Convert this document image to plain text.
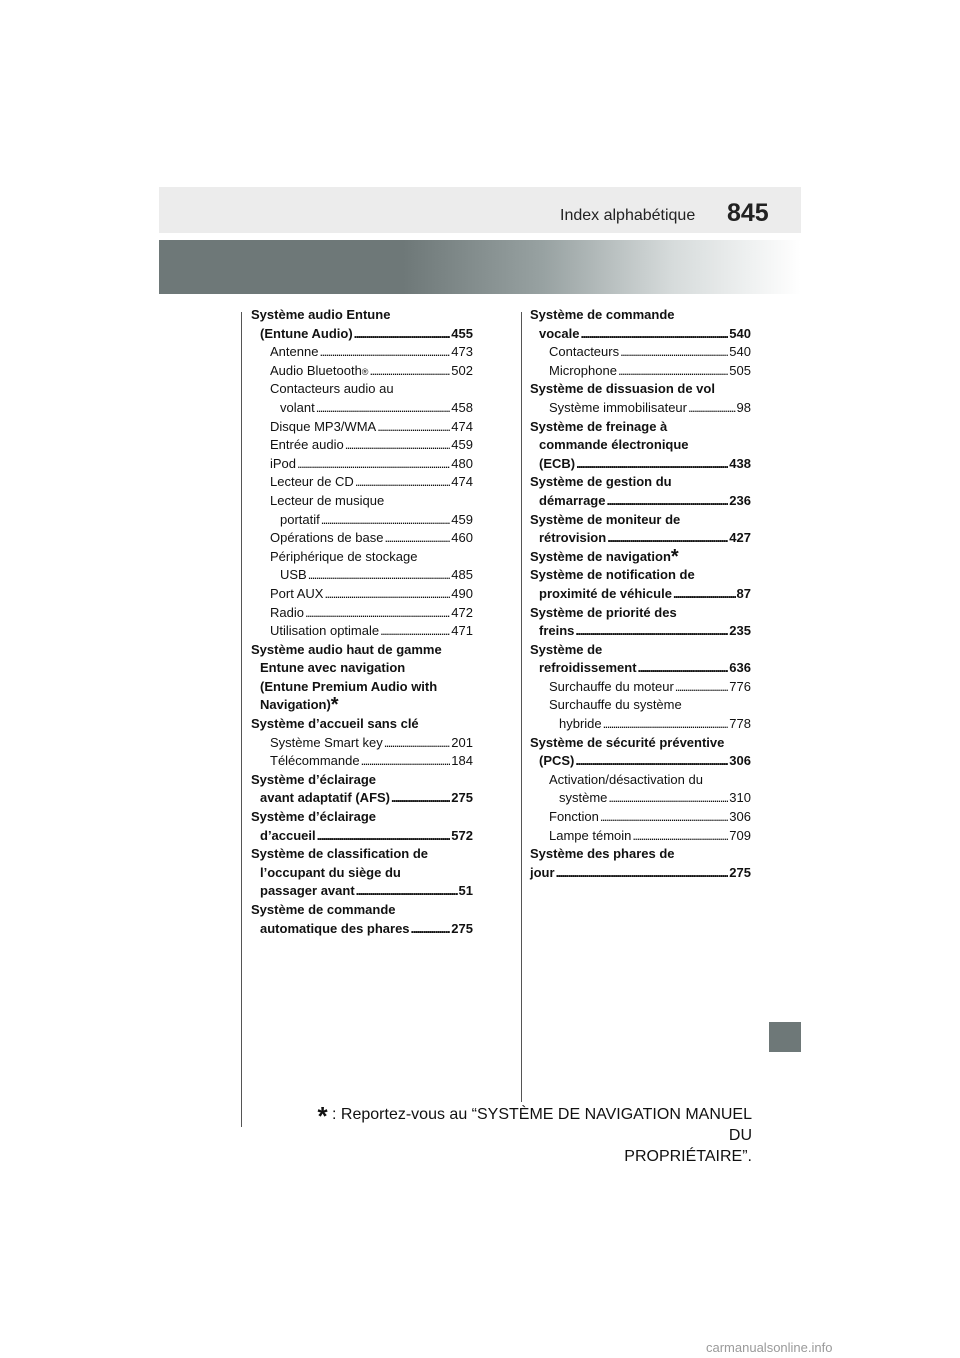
Index alphabétique 845
Système audio Entune
(Entune Audio) . . .	455
Antenne . . .	473
Audio Bluetooth ® . . .	502
Contacteurs audio au
volant . . .	458
Disque MP3/WMA . . .	474
Entrée audio . . .	459
iPod . . .	480
Lecteur de CD . . .	474
Lecteur de musique
portatif . . .	459
Opérations de base . . .	460
Périphérique de stockage
USB . . .	485
Port AUX . . .	490
Radio . . .	472
Utilisation optimale . . .	471
Système audio haut de gamme
Entune avec navigation
(Entune Premium Audio with
Navigation) *
Système d’accueil sans clé
Système Smart key . . .	201
Télécommande . . .	184
Système d’éclairage
avant adaptatif (AFS) . . .	275
Système d’éclairage
d’accueil . . .	572
Système de classification de
l’occupant du siège du
passager avant . . .	51
Système de commande
automatique des phares . . .	275
Système de commande
vocale . . .	540
Contacteurs . . .	540
Microphone . . .	505
Système de dissuasion de vol
Système immobilisateur . . .	98
Système de freinage à
commande électronique
(ECB) . . .	438
Système de gestion du
démarrage . . .	236
Système de moniteur de
rétrovision . . .	427
Système de navigation *
Système de notification de
proximité de véhicule . . .	87
Système de priorité des
freins . . .	235
Système de
refroidissement . . .	636
Surchauffe du moteur . . .	776
Surchauffe du système
hybride . . .	778
Système de sécurité préventive
(PCS) . . .	306
Activation/désactivation du
système . . .	310
Fonction . . .	306
Lampe témoin . . .	709
Système des phares de
jour . . .	275
* : Reportez-vous au “SYSTÈME DE NAVIGATION MANUEL DU
PROPRIÉTAIRE”.
carmanualsonline.info
